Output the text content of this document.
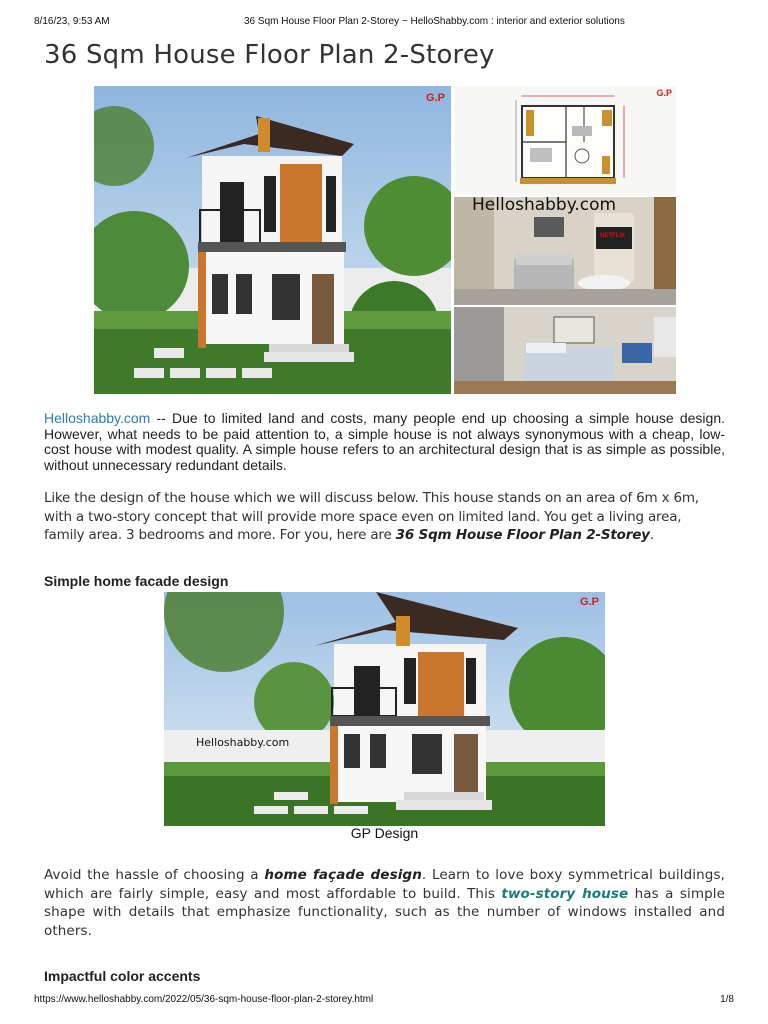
8/16/23, 9:53 AM	36 Sqm House Floor Plan 2-Storey ~ HelloShabby.com : interior and exterior solutions
36 Sqm House Floor Plan 2-Storey
G.P	G.P
Helloshabby.com
NETFLIX

Helloshabby.com -- Due to limited land and costs, many people end up choosing a simple house design. However, what needs to be paid attention to, a simple house is not always synonymous with a cheap, low-cost house with modest quality. A simple house refers to an architectural design that is as simple as possible, without unnecessary redundant details.

Like the design of the house which we will discuss below. This house stands on an area of 6m x 6m, with a two-story concept that will provide more space even on limited land. You get a living area, family area. 3 bedrooms and more. For you, here are 36 Sqm House Floor Plan 2-Storey.

Simple home facade design
G.P
Helloshabby.com
GP Design

Avoid the hassle of choosing a home façade design. Learn to love boxy symmetrical buildings, which are fairly simple, easy and most affordable to build. This two-story house has a simple shape with details that emphasize functionality, such as the number of windows installed and others.

Impactful color accents
https://www.helloshabby.com/2022/05/36-sqm-house-floor-plan-2-storey.html	1/8
